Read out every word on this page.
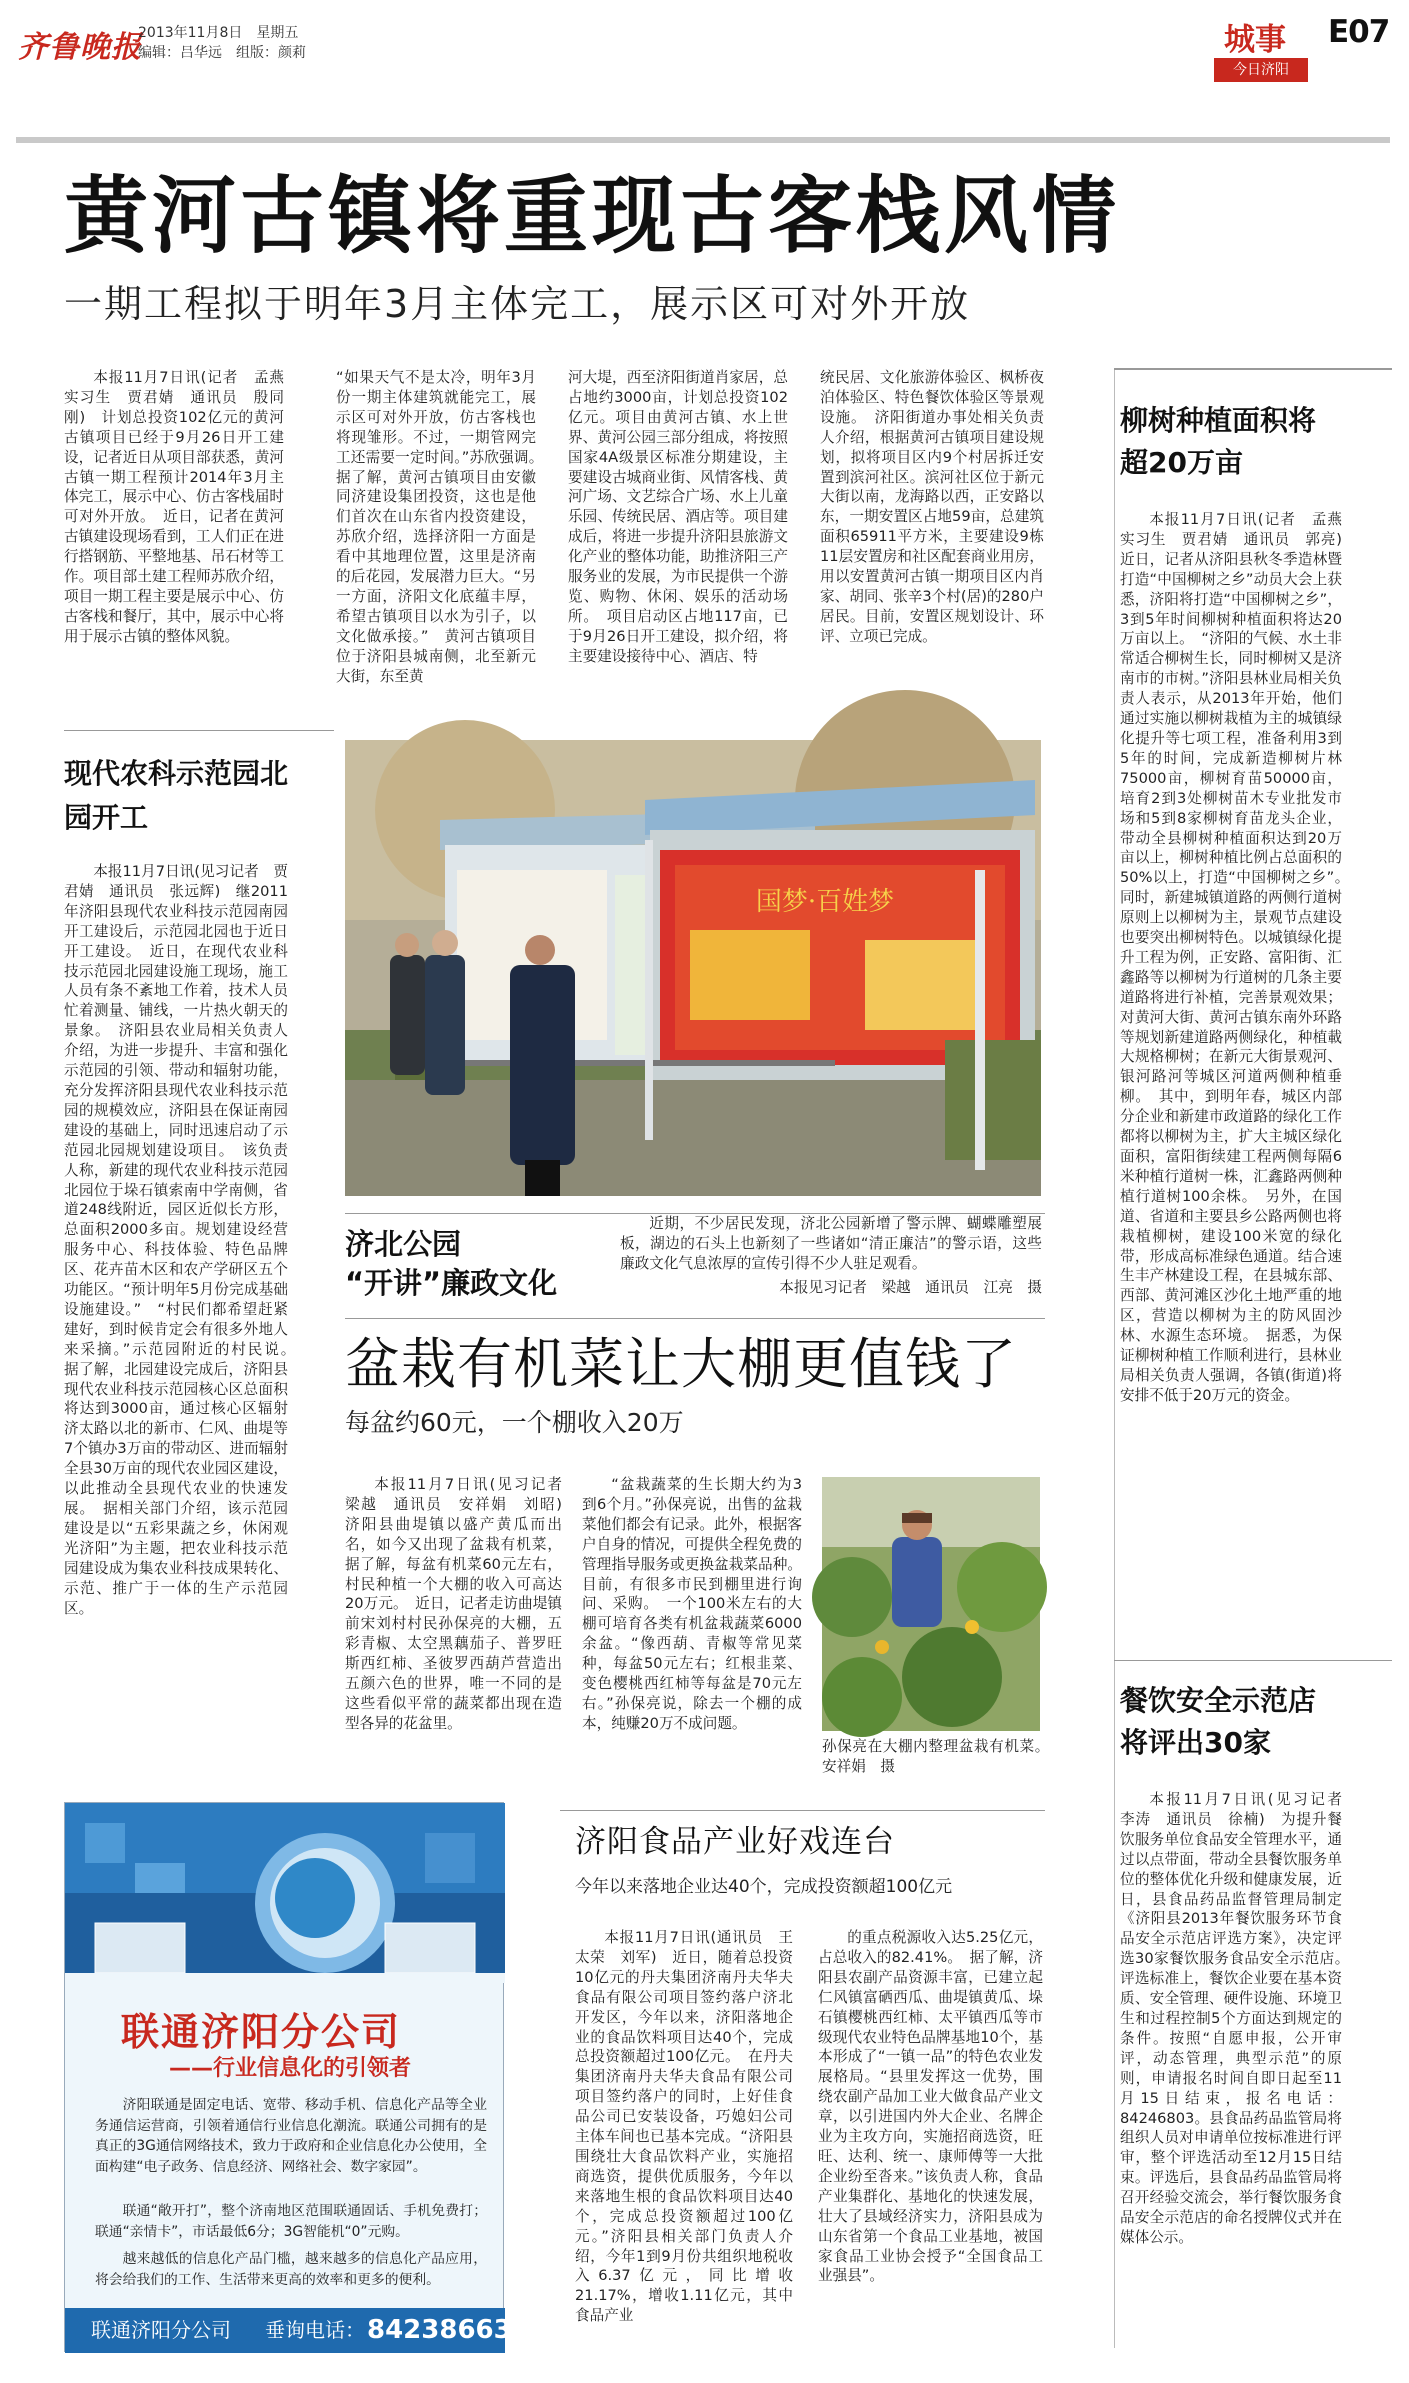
齐鲁晚报
2013年11月8日　星期五
编辑：吕华远　组版：颜莉	城事 E07
今日济阳
黄河古镇将重现古客栈风情
一期工程拟于明年3月主体完工，展示区可对外开放
本报11月7日讯(记者　孟燕　实习生　贾君婧　通讯员　殷同刚)　计划总投资102亿元的黄河古镇项目已经于9月26日开工建设，记者近日从项目部获悉，黄河古镇一期工程预计2014年3月主体完工，展示中心、仿古客栈届时可对外开放。　近日，记者在黄河古镇建设现场看到，工人们正在进行搭钢筋、平整地基、吊石材等工作。项目部土建工程师苏欣介绍，项目一期工程主要是展示中心、仿古客栈和餐厅，其中，展示中心将用于展示古镇的整体风貌。
“如果天气不是太冷，明年3月份一期主体建筑就能完工，展示区可对外开放，仿古客栈也将现雏形。不过，一期管网完工还需要一定时间。”苏欣强调。　据了解，黄河古镇项目由安徽同济建设集团投资，这也是他们首次在山东省内投资建设，苏欣介绍，选择济阳一方面是看中其地理位置，这里是济南的后花园，发展潜力巨大。“另一方面，济阳文化底蕴丰厚，希望古镇项目以水为引子，以文化做承接。”　黄河古镇项目位于济阳县城南侧，北至新元大街，东至黄
河大堤，西至济阳街道肖家居，总占地约3000亩，计划总投资102亿元。项目由黄河古镇、水上世界、黄河公园三部分组成，将按照国家4A级景区标准分期建设，主要建设古城商业街、风情客栈、黄河广场、文艺综合广场、水上儿童乐园、传统民居、酒店等。项目建成后，将进一步提升济阳县旅游文化产业的整体功能，助推济阳三产服务业的发展，为市民提供一个游览、购物、休闲、娱乐的活动场所。　项目启动区占地117亩，已于9月26日开工建设，拟介绍，将主要建设接待中心、酒店、特
统民居、文化旅游体验区、枫桥夜泊体验区、特色餐饮体验区等景观设施。　济阳街道办事处相关负责人介绍，根据黄河古镇项目建设规划，拟将项目区内9个村居拆迁安置到滨河社区。滨河社区位于新元大街以南，龙海路以西，正安路以东，一期安置区占地59亩，总建筑面积65911平方米，主要建设9栋11层安置房和社区配套商业用房，用以安置黄河古镇一期项目区内肖家、胡同、张辛3个村(居)的280户居民。目前，安置区规划设计、环评、立项已完成。
柳树种植面积将超20万亩
本报11月7日讯(记者　孟燕　实习生　贾君婧　通讯员　郭亮)　近日，记者从济阳县秋冬季造林暨打造“中国柳树之乡”动员大会上获悉，济阳将打造“中国柳树之乡”，3到5年时间柳树种植面积将达20万亩以上。　“济阳的气候、水土非常适合柳树生长，同时柳树又是济南市的市树。”济阳县林业局相关负责人表示，从2013年开始，他们通过实施以柳树栽植为主的城镇绿化提升等七项工程，准备利用3到5年的时间，完成新造柳树片林75000亩，柳树育苗50000亩，培育2到3处柳树苗木专业批发市场和5到8家柳树育苗龙头企业，带动全县柳树种植面积达到20万亩以上，柳树种植比例占总面积的50%以上，打造“中国柳树之乡”。　同时，新建城镇道路的两侧行道树原则上以柳树为主，景观节点建设也要突出柳树特色。以城镇绿化提升工程为例，正安路、富阳街、汇鑫路等以柳树为行道树的几条主要道路将进行补植，完善景观效果；对黄河大街、黄河古镇东南外环路等规划新建道路两侧绿化，种植載大规格柳树；在新元大街景观河、银河路河等城区河道两侧种植垂柳。　其中，到明年春，城区内部分企业和新建市政道路的绿化工作都将以柳树为主，扩大主城区绿化面积，富阳街续建工程两侧每隔6米种植行道树一株，汇鑫路两侧种植行道树100余株。　另外，在国道、省道和主要县乡公路两侧也将栽植柳树，建设100米宽的绿化带，形成高标准绿色通道。结合速生丰产林建设工程，在县城东部、西部、黄河滩区沙化土地严重的地区，营造以柳树为主的防风固沙林、水源生态环境。　据悉，为保证柳树种植工作顺利进行，县林业局相关负责人强调，各镇(街道)将安排不低于20万元的资金。
现代农科示范园北园开工
本报11月7日讯(见习记者　贾君婧　通讯员　张远辉)　继2011年济阳县现代农业科技示范园南园开工建设后，示范园北园也于近日开工建设。　近日，在现代农业科技示范园北园建设施工现场，施工人员有条不紊地工作着，技术人员忙着测量、铺线，一片热火朝天的景象。　济阳县农业局相关负责人介绍，为进一步提升、丰富和强化示范园的引领、带动和辐射功能，充分发挥济阳县现代农业科技示范园的规模效应，济阳县在保证南园建设的基础上，同时迅速启动了示范园北园规划建设项目。　该负责人称，新建的现代农业科技示范园北园位于垛石镇索南中学南侧，省道248线附近，园区近似长方形，总面积2000多亩。规划建设经营服务中心、科技体验、特色品牌区、花卉苗木区和农产学研区五个功能区。“预计明年5月份完成基础设施建设。”　“村民们都希望赶紧建好，到时候肯定会有很多外地人来采摘。”示范园附近的村民说。　据了解，北园建设完成后，济阳县现代农业科技示范园核心区总面积将达到3000亩，通过核心区辐射济太路以北的新市、仁风、曲堤等7个镇办3万亩的带动区、进而辐射全县30万亩的现代农业园区建设，以此推动全县现代农业的快速发展。　据相关部门介绍，该示范园建设是以“五彩果蔬之乡，休闲观光济阳”为主题，把农业科技示范园建设成为集农业科技成果转化、示范、推广于一体的生产示范园区。
国梦·百姓梦
济北公园
“开讲”廉政文化
近期，不少居民发现，济北公园新增了警示牌、蝴蝶雕塑展板，湖边的石头上也新刻了一些诸如“清正廉洁”的警示语，这些廉政文化气息浓厚的宣传引得不少人驻足观看。
本报见习记者　梁越　通讯员　江亮　摄
盆栽有机菜让大棚更值钱了
每盆约60元，一个棚收入20万
本报11月7日讯(见习记者　梁越　通讯员　安祥娟　刘昭)　济阳县曲堤镇以盛产黄瓜而出名，如今又出现了盆栽有机菜，据了解，每盆有机菜60元左右，村民种植一个大棚的收入可高达20万元。　近日，记者走访曲堤镇前宋刘村村民孙保亮的大棚，五彩青椒、太空黑藕茄子、普罗旺斯西红柿、圣彼罗西葫芦营造出五颜六色的世界，唯一不同的是这些看似平常的蔬菜都出现在造型各异的花盆里。
“盆栽蔬菜的生长期大约为3到6个月。”孙保亮说，出售的盆栽菜他们都会有记录。此外，根据客户自身的情况，可提供全程免费的管理指导服务或更换盆栽菜品种。目前，有很多市民到棚里进行询问、采购。　一个100米左右的大棚可培育各类有机盆栽蔬菜6000余盆。“像西葫、青椒等常见菜种，每盆50元左右；红根韭菜、变色樱桃西红柿等每盆是70元左右。”孙保亮说，除去一个棚的成本，纯赚20万不成问题。
孙保亮在大棚内整理盆栽有机菜。　　安祥娟　摄
联通济阳分公司
——行业信息化的引领者
济阳联通是固定电话、宽带、移动手机、信息化产品等全业务通信运营商，引领着通信行业信息化潮流。联通公司拥有的是真正的3G通信网络技术，致力于政府和企业信息化办公使用，全面构建“电子政务、信息经济、网络社会、数字家园”。
联通“敞开打”，整个济南地区范围联通固话、手机免费打；联通“亲情卡”，市话最低6分；3G智能机“0”元购。
越来越低的信息化产品门槛，越来越多的信息化产品应用，将会给我们的工作、生活带来更高的效率和更多的便利。
联通济阳分公司 垂询电话： 84238663
济阳食品产业好戏连台
今年以来落地企业达40个，完成投资额超100亿元
本报11月7日讯(通讯员　王太荣　刘军)　近日，随着总投资10亿元的丹夫集团济南丹夫华夫食品有限公司项目签约落户济北开发区，今年以来，济阳落地企业的食品饮料项目达40个，完成总投资额超过100亿元。　在丹夫集团济南丹夫华夫食品有限公司项目签约落户的同时，上好佳食品公司已安装设备，巧媳妇公司主体车间也已基本完成。“济阳县围绕壮大食品饮料产业，实施招商选资，提供优质服务，今年以来落地生根的食品饮料项目达40个，完成总投资额超过100亿元。”济阳县相关部门负责人介绍，今年1到9月份共组织地税收入6.37亿元，同比增收21.17%，增收1.11亿元，其中食品产业
的重点税源收入达5.25亿元，占总收入的82.41%。　据了解，济阳县农副产品资源丰富，已建立起仁风镇富硒西瓜、曲堤镇黄瓜、垛石镇樱桃西红柿、太平镇西瓜等市级现代农业特色品牌基地10个，基本形成了“一镇一品”的特色农业发展格局。“县里发挥这一优势，围绕农副产品加工业大做食品产业文章，以引进国内外大企业、名牌企业为主攻方向，实施招商选资，旺旺、达利、统一、康师傅等一大批企业纷至沓来。”该负责人称，食品产业集群化、基地化的快速发展，壮大了县域经济实力，济阳县成为山东省第一个食品工业基地，被国家食品工业协会授予“全国食品工业强县”。
餐饮安全示范店将评出30家
本报11月7日讯(见习记者　李涛　通讯员　徐楠)　为提升餐饮服务单位食品安全管理水平，通过以点带面，带动全县餐饮服务单位的整体优化升级和健康发展，近日，县食品药品监督管理局制定《济阳县2013年餐饮服务环节食品安全示范店评选方案》，决定评选30家餐饮服务食品安全示范店。　评选标准上，餐饮企业要在基本资质、安全管理、硬件设施、环境卫生和过程控制5个方面达到规定的条件。按照“自愿申报，公开审评，动态管理，典型示范”的原则，申请报名时间自即日起至11月15日结束，报名电话：84246803。县食品药品监管局将组织人员对申请单位按标准进行评审，整个评选活动至12月15日结束。评选后，县食品药品监管局将召开经验交流会，举行餐饮服务食品安全示范店的命名授牌仪式并在媒体公示。
